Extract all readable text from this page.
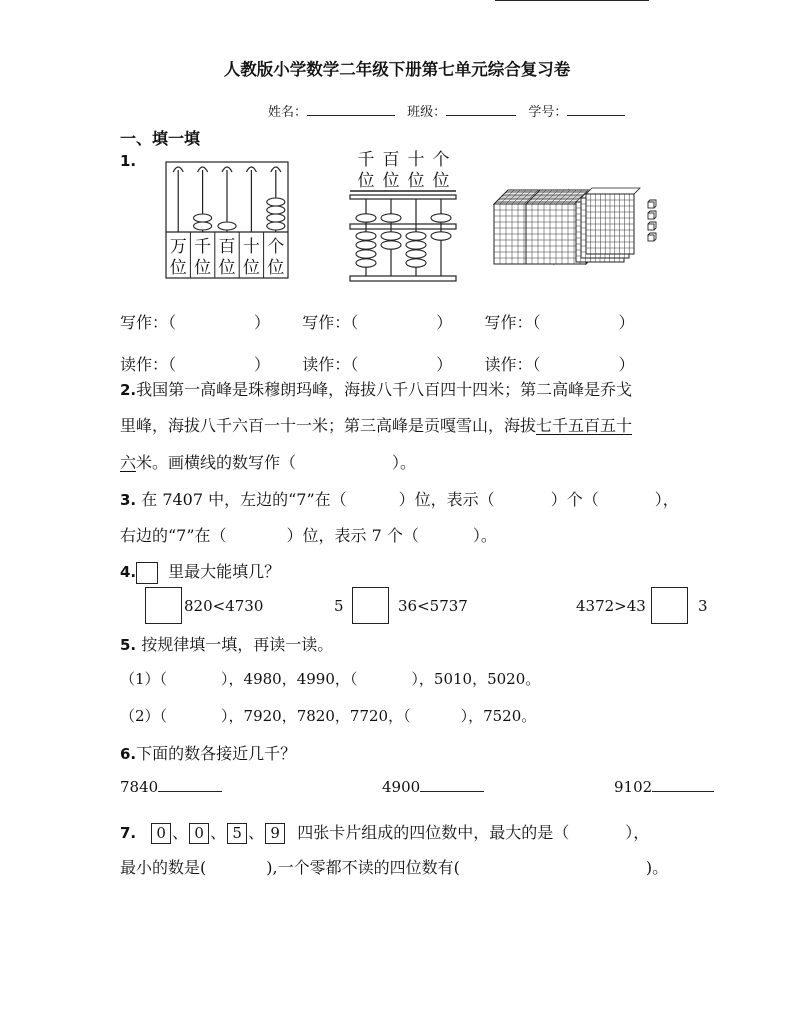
人教版小学数学二年级下册第七单元综合复习卷
姓名：	班级：	学号：
一、填一填
1.
万
位
千
位
百
位
十
位
个
位
千
位
百
位
十
位
个
位
写作：（	） 写作：（	） 写作：（	）
读作：（	） 读作：（	） 读作：（	）
2.我国第一高峰是珠穆朗玛峰，海拔八千八百四十四米；第二高峰是乔戈
里峰，海拔八千六百一十一米；第三高峰是贡嘎雪山，海拔七千五百五十
六米。画横线的数写作（	）。
3. 在 7407 中，左边的“7”在（	）位，表示（	）个（	），
右边的“7”在（	）位，表示 7 个（	）。
4. 里最大能填几？
820<4730	5	36<5737	4372>43	3
5. 按规律填一填，再读一读。
（1）（	），4980，4990，（	），5010，5020。
（2）（	），7920，7820，7720，（	），7520。
6.下面的数各接近几千？
7840	4900	9102
7. 0 、 0 、 5 、 9 四张卡片组成的四位数中，最大的是（	），
最小的数是(	),一个零都不读的四位数有(	)。
